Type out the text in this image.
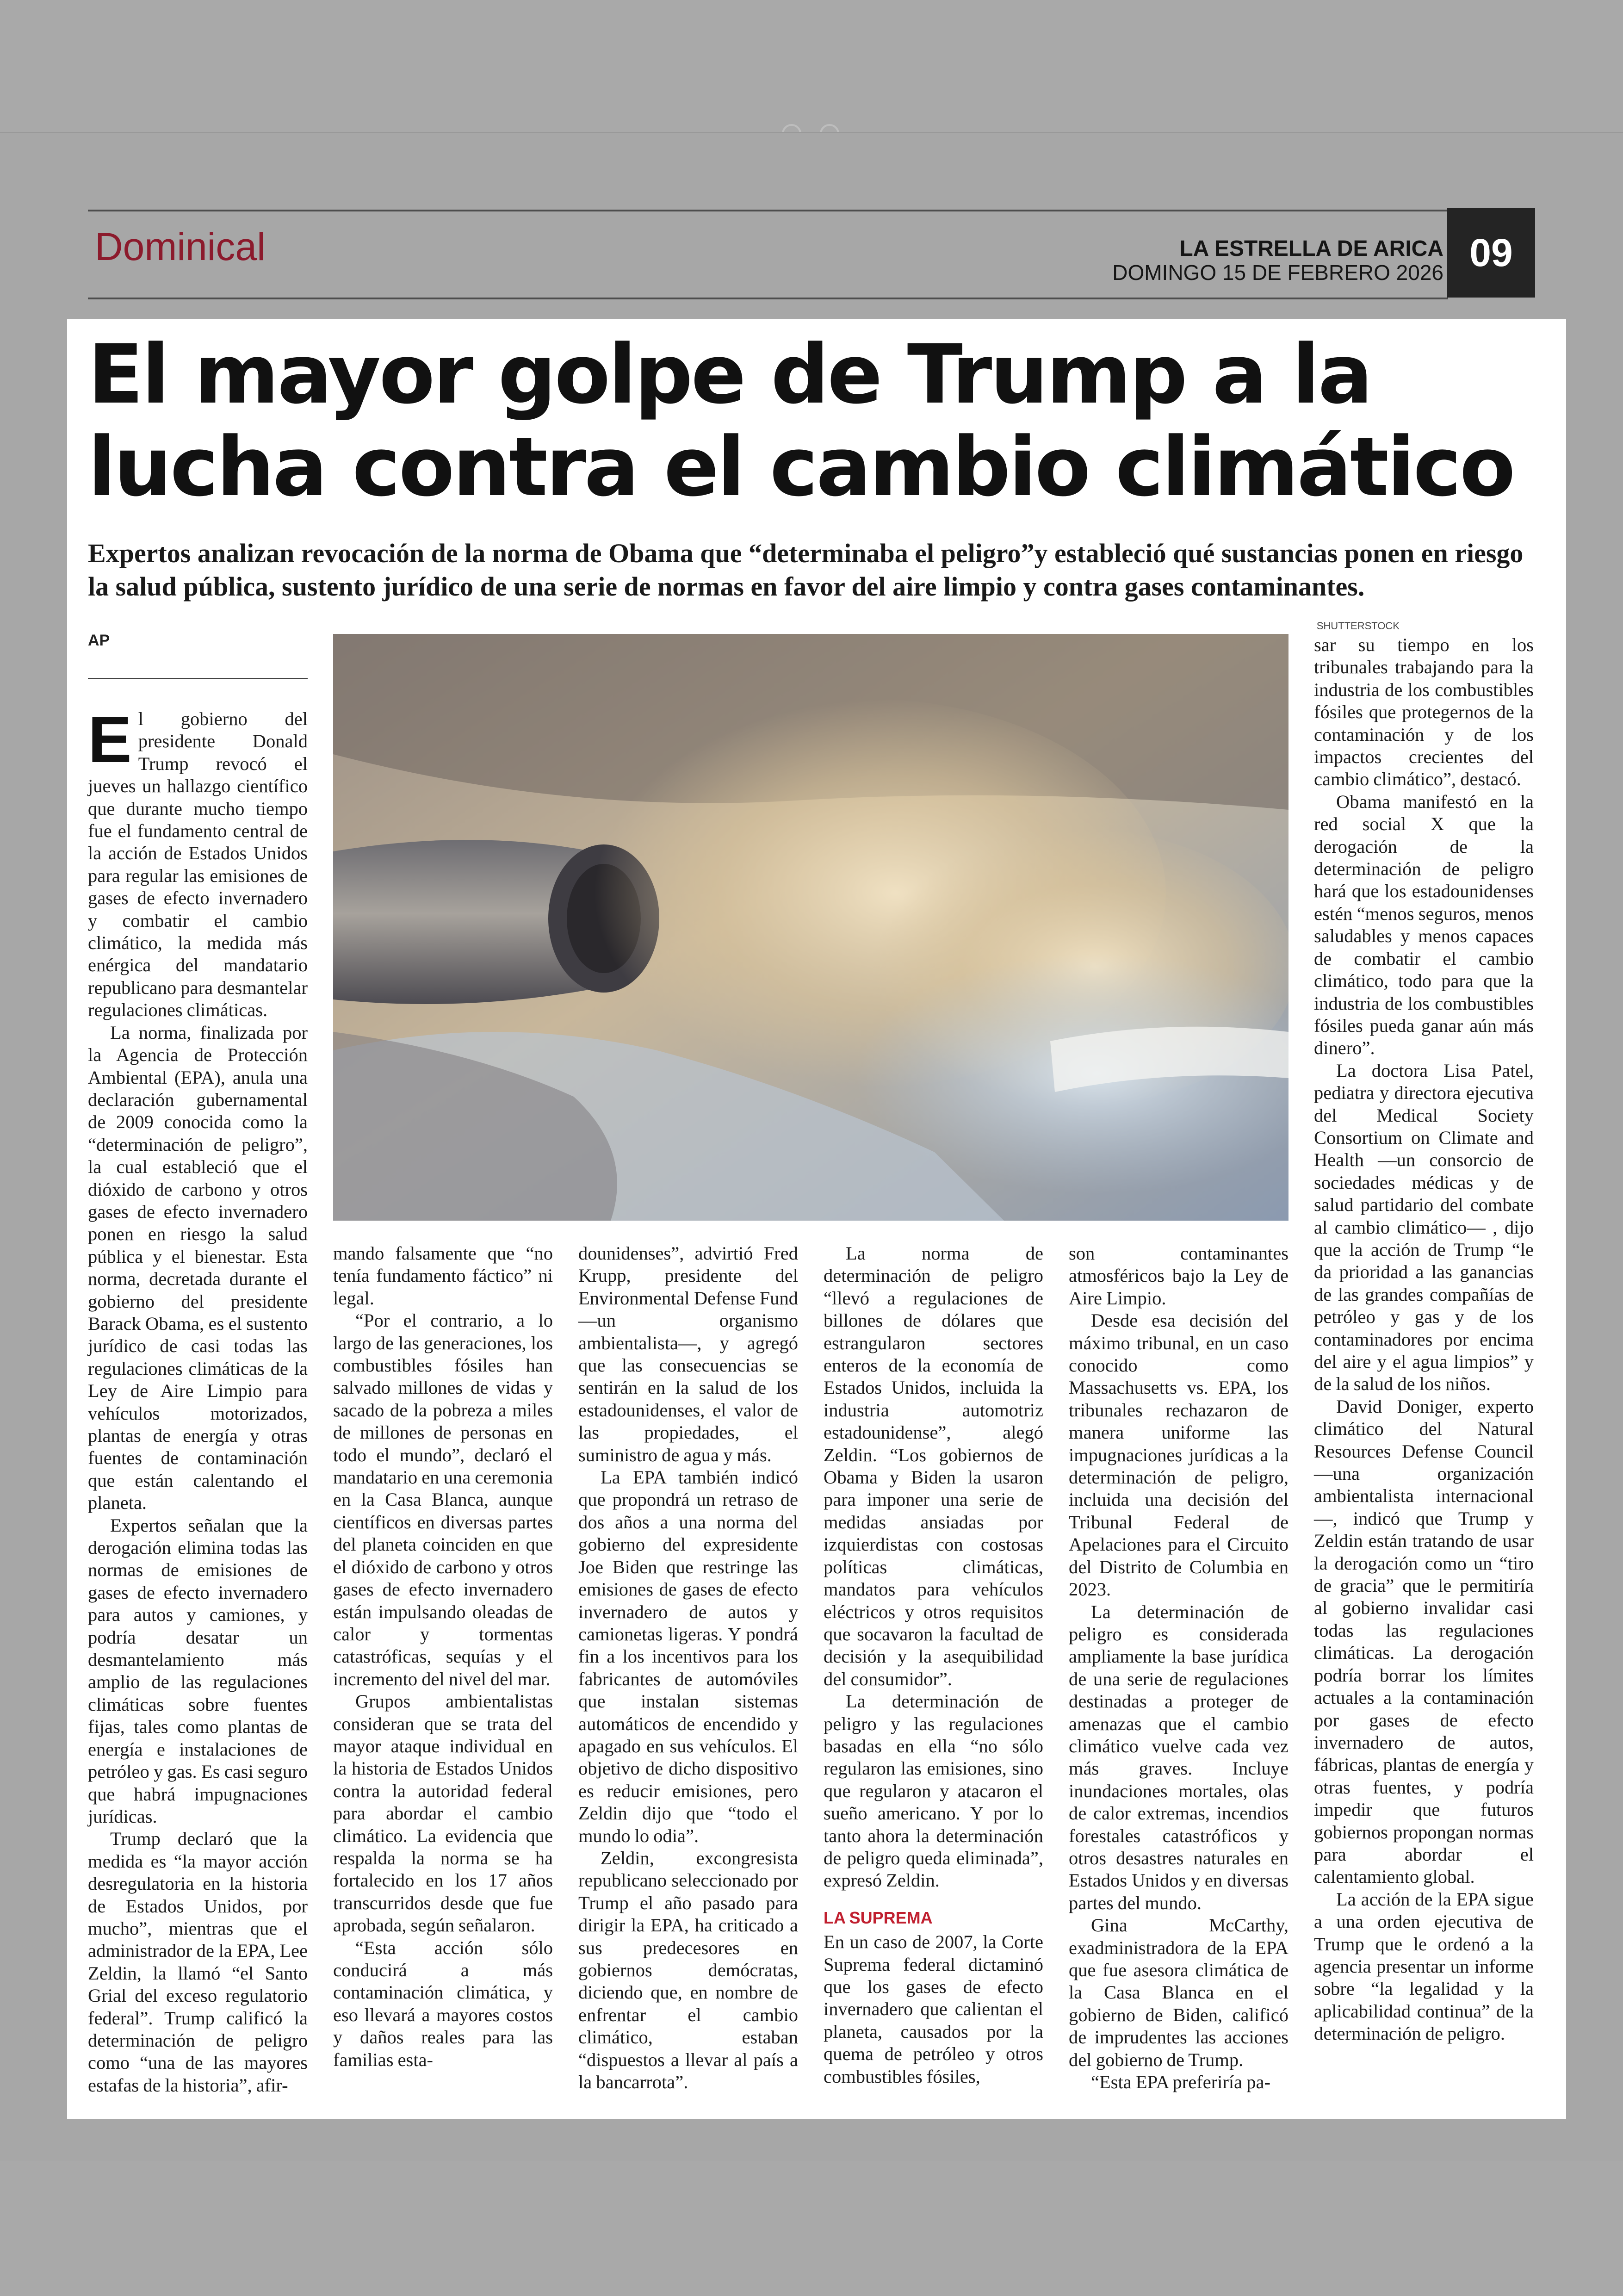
Dominical	LA ESTRELLA DE ARICA
DOMINGO 15 DE FEBRERO 2026 09
El mayor golpe de Trump a la lucha contra el cambio climático

Expertos analizan revocación de la norma de Obama que “determinaba el peligro”y estableció qué sustancias ponen en riesgo la salud pública, sustento jurídico de una serie de normas en favor del aire limpio y contra gases contaminantes.

AP
SHUTTERSTOCK

El gobierno del presidente Donald Trump revocó el jueves un hallazgo científico que durante mucho tiempo fue el fundamento central de la acción de Estados Unidos para regular las emisiones de gases de efecto invernadero y combatir el cambio climático, la medida más enérgica del mandatario republicano para desmantelar regulaciones climáticas.

La norma, finalizada por la Agencia de Protección Ambiental (EPA), anula una declaración gubernamental de 2009 conocida como la “determinación de peligro”, la cual estableció que el dióxido de carbono y otros gases de efecto invernadero ponen en riesgo la salud pública y el bienestar. Esta norma, decretada durante el gobierno del presidente Barack Obama, es el sustento jurídico de casi todas las regulaciones climáticas de la Ley de Aire Limpio para vehículos motorizados, plantas de energía y otras fuentes de contaminación que están calentando el planeta.

Expertos señalan que la derogación elimina todas las normas de emisiones de gases de efecto invernadero para autos y camiones, y podría desatar un desmantelamiento más amplio de las regulaciones climáticas sobre fuentes fijas, tales como plantas de energía e instalaciones de petróleo y gas. Es casi seguro que habrá impugnaciones jurídicas.

Trump declaró que la medida es “la mayor acción desregulatoria en la historia de Estados Unidos, por mucho”, mientras que el administrador de la EPA, Lee Zeldin, la llamó “el Santo Grial del exceso regulatorio federal”. Trump calificó la determinación de peligro como “una de las mayores estafas de la historia”, afir-

mando falsamente que “no tenía fundamento fáctico” ni legal.

“Por el contrario, a lo largo de las generaciones, los combustibles fósiles han salvado millones de vidas y sacado de la pobreza a miles de millones de personas en todo el mundo”, declaró el mandatario en una ceremonia en la Casa Blanca, aunque científicos en diversas partes del planeta coinciden en que el dióxido de carbono y otros gases de efecto invernadero están impulsando oleadas de calor y tormentas catastróficas, sequías y el incremento del nivel del mar.

Grupos ambientalistas consideran que se trata del mayor ataque individual en la historia de Estados Unidos contra la autoridad federal para abordar el cambio climático. La evidencia que respalda la norma se ha fortalecido en los 17 años transcurridos desde que fue aprobada, según señalaron.

“Esta acción sólo conducirá a más contaminación climática, y eso llevará a mayores costos y daños reales para las familias esta-

dounidenses”, advirtió Fred Krupp, presidente del Environmental Defense Fund —un organismo ambientalista—, y agregó que las consecuencias se sentirán en la salud de los estadounidenses, el valor de las propiedades, el suministro de agua y más.

La EPA también indicó que propondrá un retraso de dos años a una norma del gobierno del expresidente Joe Biden que restringe las emisiones de gases de efecto invernadero de autos y camionetas ligeras. Y pondrá fin a los incentivos para los fabricantes de automóviles que instalan sistemas automáticos de encendido y apagado en sus vehículos. El objetivo de dicho dispositivo es reducir emisiones, pero Zeldin dijo que “todo el mundo lo odia”.

Zeldin, excongresista republicano seleccionado por Trump el año pasado para dirigir la EPA, ha criticado a sus predecesores en gobiernos demócratas, diciendo que, en nombre de enfrentar el cambio climático, estaban “dispuestos a llevar al país a la bancarrota”.

La norma de determinación de peligro “llevó a regulaciones de billones de dólares que estrangularon sectores enteros de la economía de Estados Unidos, incluida la industria automotriz estadounidense”, alegó Zeldin. “Los gobiernos de Obama y Biden la usaron para imponer una serie de medidas ansiadas por izquierdistas con costosas políticas climáticas, mandatos para vehículos eléctricos y otros requisitos que socavaron la facultad de decisión y la asequibilidad del consumidor”.

La determinación de peligro y las regulaciones basadas en ella “no sólo regularon las emisiones, sino que regularon y atacaron el sueño americano. Y por lo tanto ahora la determinación de peligro queda eliminada”, expresó Zeldin.

LA SUPREMA

En un caso de 2007, la Corte Suprema federal dictaminó que los gases de efecto invernadero que calientan el planeta, causados por la quema de petróleo y otros combustibles fósiles,

son contaminantes atmosféricos bajo la Ley de Aire Limpio.

Desde esa decisión del máximo tribunal, en un caso conocido como Massachusetts vs. EPA, los tribunales rechazaron de manera uniforme las impugnaciones jurídicas a la determinación de peligro, incluida una decisión del Tribunal Federal de Apelaciones para el Circuito del Distrito de Columbia en 2023.

La determinación de peligro es considerada ampliamente la base jurídica de una serie de regulaciones destinadas a proteger de amenazas que el cambio climático vuelve cada vez más graves. Incluye inundaciones mortales, olas de calor extremas, incendios forestales catastróficos y otros desastres naturales en Estados Unidos y en diversas partes del mundo.

Gina McCarthy, exadministradora de la EPA que fue asesora climática de la Casa Blanca en el gobierno de Biden, calificó de imprudentes las acciones del gobierno de Trump.

“Esta EPA preferiría pa-

sar su tiempo en los tribunales trabajando para la industria de los combustibles fósiles que protegernos de la contaminación y de los impactos crecientes del cambio climático”, destacó.

Obama manifestó en la red social X que la derogación de la determinación de peligro hará que los estadounidenses estén “menos seguros, menos saludables y menos capaces de combatir el cambio climático, todo para que la industria de los combustibles fósiles pueda ganar aún más dinero”.

La doctora Lisa Patel, pediatra y directora ejecutiva del Medical Society Consortium on Climate and Health —un consorcio de sociedades médicas y de salud partidario del combate al cambio climático— , dijo que la acción de Trump “le da prioridad a las ganancias de las grandes compañías de petróleo y gas y de los contaminadores por encima del aire y el agua limpios” y de la salud de los niños.

David Doniger, experto climático del Natural Resources Defense Council —una organización ambientalista internacional—, indicó que Trump y Zeldin están tratando de usar la derogación como un “tiro de gracia” que le permitiría al gobierno invalidar casi todas las regulaciones climáticas. La derogación podría borrar los límites actuales a la contaminación por gases de efecto invernadero de autos, fábricas, plantas de energía y otras fuentes, y podría impedir que futuros gobiernos propongan normas para abordar el calentamiento global.

La acción de la EPA sigue a una orden ejecutiva de Trump que le ordenó a la agencia presentar un informe sobre “la legalidad y la aplicabilidad continua” de la determinación de peligro.
